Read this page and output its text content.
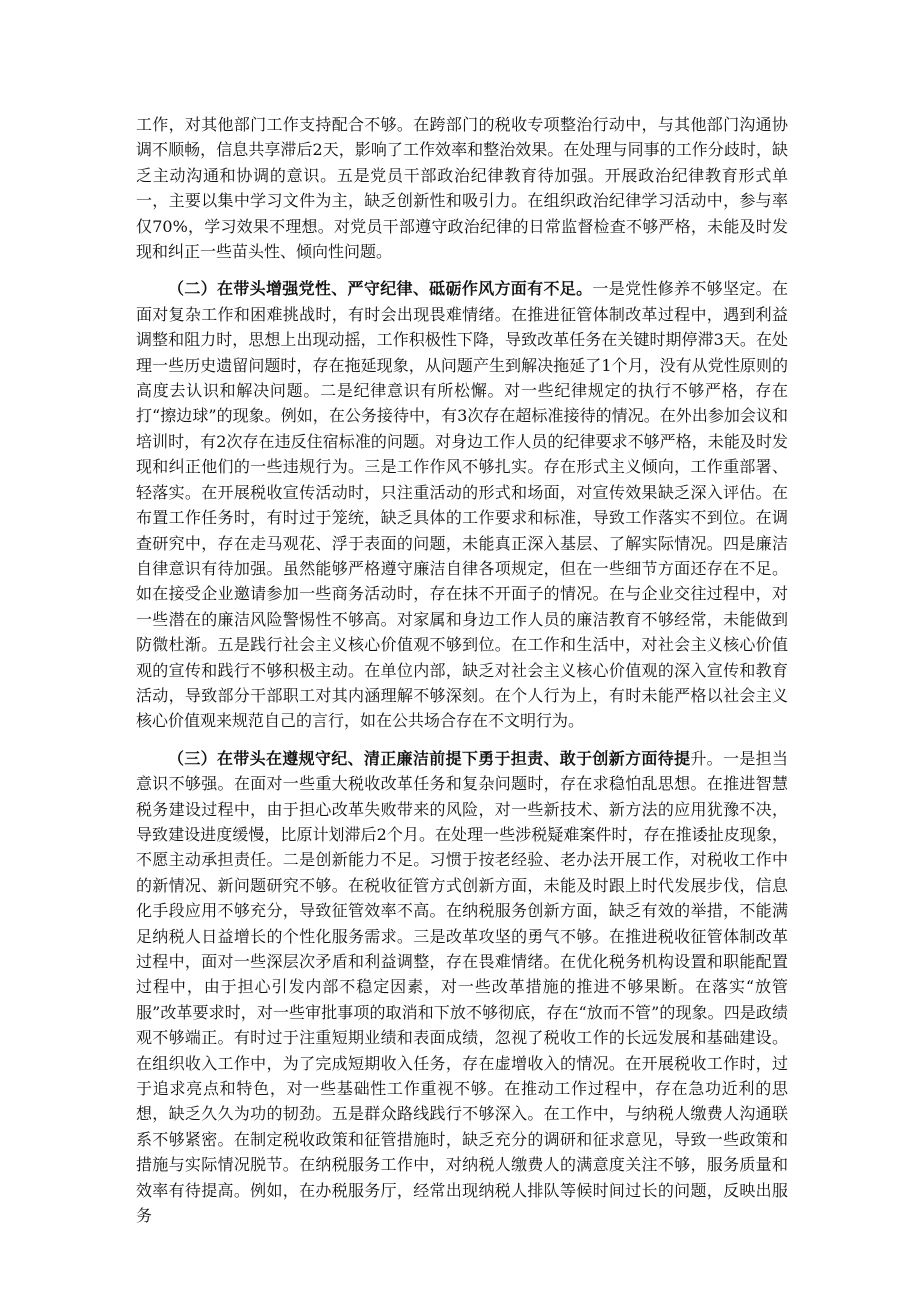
工作，对其他部门工作支持配合不够。在跨部门的税收专项整治行动中，与其他部门沟通协调不顺畅，信息共享滞后2天，影响了工作效率和整治效果。在处理与同事的工作分歧时，缺乏主动沟通和协调的意识。五是党员干部政治纪律教育待加强。开展政治纪律教育形式单一，主要以集中学习文件为主，缺乏创新性和吸引力。在组织政治纪律学习活动中，参与率仅70%，学习效果不理想。对党员干部遵守政治纪律的日常监督检查不够严格，未能及时发现和纠正一些苗头性、倾向性问题。

（二）在带头增强党性、严守纪律、砥砺作风方面有不足。一是党性修养不够坚定。在面对复杂工作和困难挑战时，有时会出现畏难情绪。在推进征管体制改革过程中，遇到利益调整和阻力时，思想上出现动摇，工作积极性下降，导致改革任务在关键时期停滞3天。在处理一些历史遗留问题时，存在拖延现象，从问题产生到解决拖延了1个月，没有从党性原则的高度去认识和解决问题。二是纪律意识有所松懈。对一些纪律规定的执行不够严格，存在打“擦边球”的现象。例如，在公务接待中，有3次存在超标准接待的情况。在外出参加会议和培训时，有2次存在违反住宿标准的问题。对身边工作人员的纪律要求不够严格，未能及时发现和纠正他们的一些违规行为。三是工作作风不够扎实。存在形式主义倾向，工作重部署、轻落实。在开展税收宣传活动时，只注重活动的形式和场面，对宣传效果缺乏深入评估。在布置工作任务时，有时过于笼统，缺乏具体的工作要求和标准，导致工作落实不到位。在调查研究中，存在走马观花、浮于表面的问题，未能真正深入基层、了解实际情况。四是廉洁自律意识有待加强。虽然能够严格遵守廉洁自律各项规定，但在一些细节方面还存在不足。如在接受企业邀请参加一些商务活动时，存在抹不开面子的情况。在与企业交往过程中，对一些潜在的廉洁风险警惕性不够高。对家属和身边工作人员的廉洁教育不够经常，未能做到防微杜渐。五是践行社会主义核心价值观不够到位。在工作和生活中，对社会主义核心价值观的宣传和践行不够积极主动。在单位内部，缺乏对社会主义核心价值观的深入宣传和教育活动，导致部分干部职工对其内涵理解不够深刻。在个人行为上，有时未能严格以社会主义核心价值观来规范自己的言行，如在公共场合存在不文明行为。

（三）在带头在遵规守纪、清正廉洁前提下勇于担责、敢于创新方面待提升。一是担当意识不够强。在面对一些重大税收改革任务和复杂问题时，存在求稳怕乱思想。在推进智慧税务建设过程中，由于担心改革失败带来的风险，对一些新技术、新方法的应用犹豫不决，导致建设进度缓慢，比原计划滞后2个月。在处理一些涉税疑难案件时，存在推诿扯皮现象，不愿主动承担责任。二是创新能力不足。习惯于按老经验、老办法开展工作，对税收工作中的新情况、新问题研究不够。在税收征管方式创新方面，未能及时跟上时代发展步伐，信息化手段应用不够充分，导致征管效率不高。在纳税服务创新方面，缺乏有效的举措，不能满足纳税人日益增长的个性化服务需求。三是改革攻坚的勇气不够。在推进税收征管体制改革过程中，面对一些深层次矛盾和利益调整，存在畏难情绪。在优化税务机构设置和职能配置过程中，由于担心引发内部不稳定因素，对一些改革措施的推进不够果断。在落实“放管服”改革要求时，对一些审批事项的取消和下放不够彻底，存在“放而不管”的现象。四是政绩观不够端正。有时过于注重短期业绩和表面成绩，忽视了税收工作的长远发展和基础建设。在组织收入工作中，为了完成短期收入任务，存在虚增收入的情况。在开展税收工作时，过于追求亮点和特色，对一些基础性工作重视不够。在推动工作过程中，存在急功近利的思想，缺乏久久为功的韧劲。五是群众路线践行不够深入。在工作中，与纳税人缴费人沟通联系不够紧密。在制定税收政策和征管措施时，缺乏充分的调研和征求意见，导致一些政策和措施与实际情况脱节。在纳税服务工作中，对纳税人缴费人的满意度关注不够，服务质量和效率有待提高。例如，在办税服务厅，经常出现纳税人排队等候时间过长的问题，反映出服务
